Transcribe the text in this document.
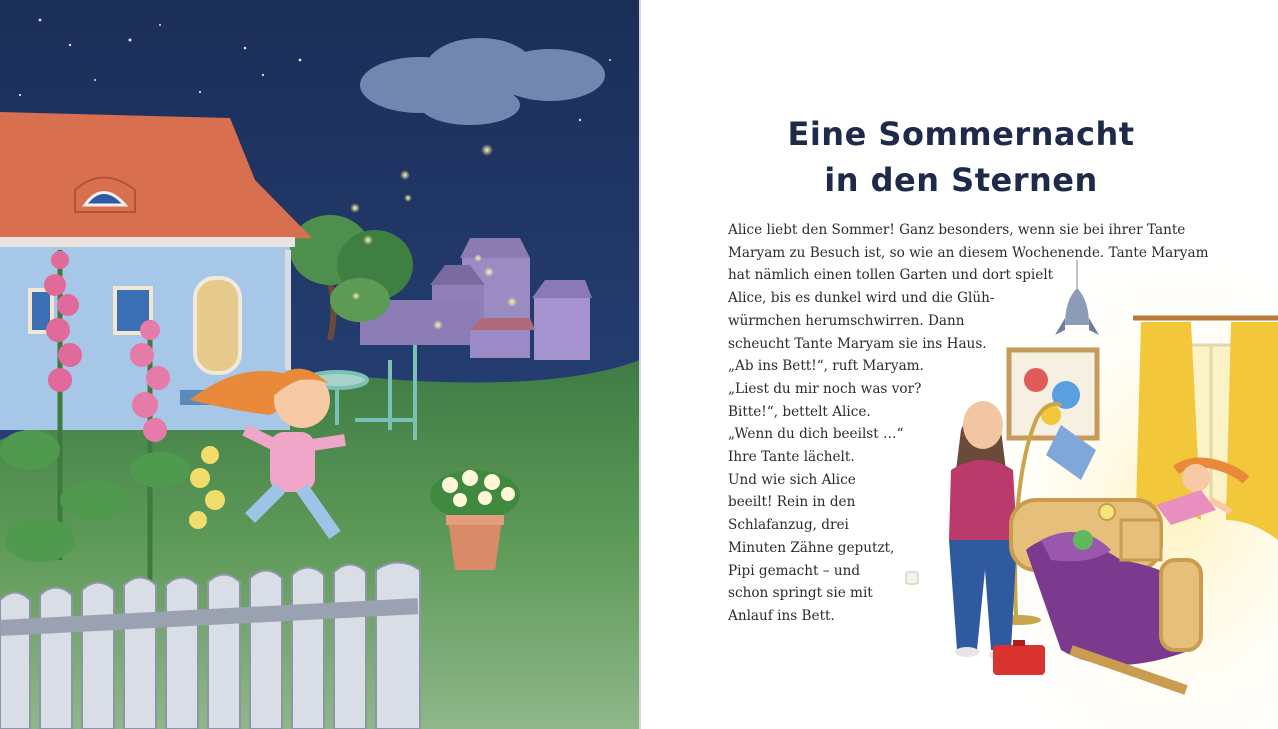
Eine Sommernacht
in den Sternen
Alice liebt den Sommer! Ganz besonders, wenn sie bei ihrer Tante
Maryam zu Besuch ist, so wie an diesem Wochenende. Tante Maryam
hat nämlich einen tollen Garten und dort spielt
Alice, bis es dunkel wird und die Glüh-
würmchen herumschwirren. Dann
scheucht Tante Maryam sie ins Haus.
„Ab ins Bett!“, ruft Maryam.
„Liest du mir noch was vor?
Bitte!“, bettelt Alice.
„Wenn du dich beeilst …“
Ihre Tante lächelt.
Und wie sich Alice
beeilt! Rein in den
Schlafanzug, drei
Minuten Zähne geputzt,
Pipi gemacht – und
schon springt sie mit
Anlauf ins Bett.
